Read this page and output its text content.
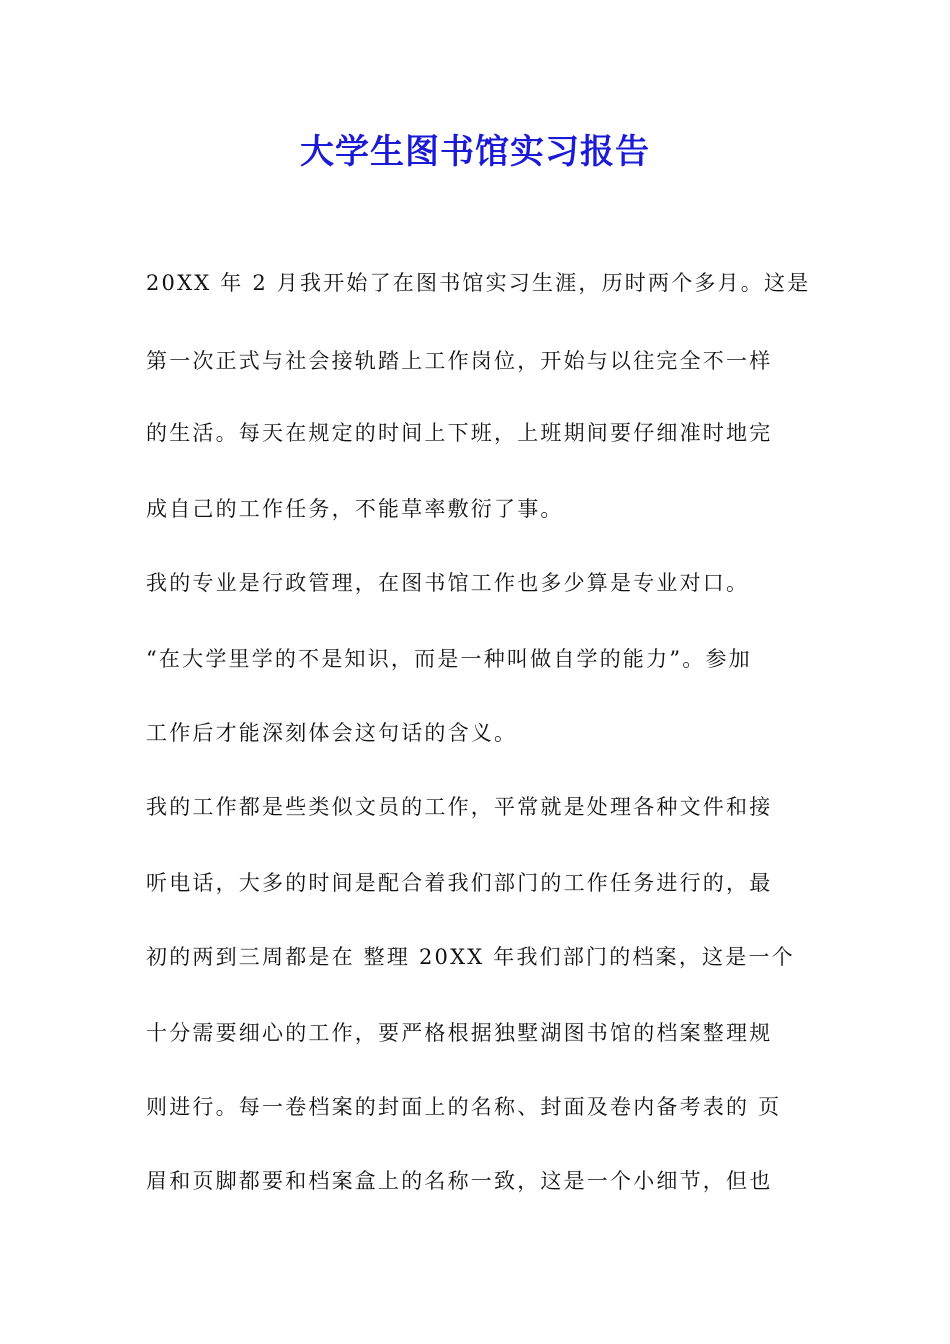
大学生图书馆实习报告
20XX 年 2 月我开始了在图书馆实习生涯，历时两个多月。这是
第一次正式与社会接轨踏上工作岗位，开始与以往完全不一样
的生活。每天在规定的时间上下班，上班期间要仔细准时地完
成自己的工作任务，不能草率敷衍了事。
我的专业是行政管理，在图书馆工作也多少算是专业对口。
“在大学里学的不是知识，而是一种叫做自学的能力”。参加
工作后才能深刻体会这句话的含义。
我的工作都是些类似文员的工作，平常就是处理各种文件和接
听电话，大多的时间是配合着我们部门的工作任务进行的，最
初的两到三周都是在 整理 20XX 年我们部门的档案，这是一个
十分需要细心的工作，要严格根据独墅湖图书馆的档案整理规
则进行。每一卷档案的封面上的名称、封面及卷内备考表的 页
眉和页脚都要和档案盒上的名称一致，这是一个小细节，但也
